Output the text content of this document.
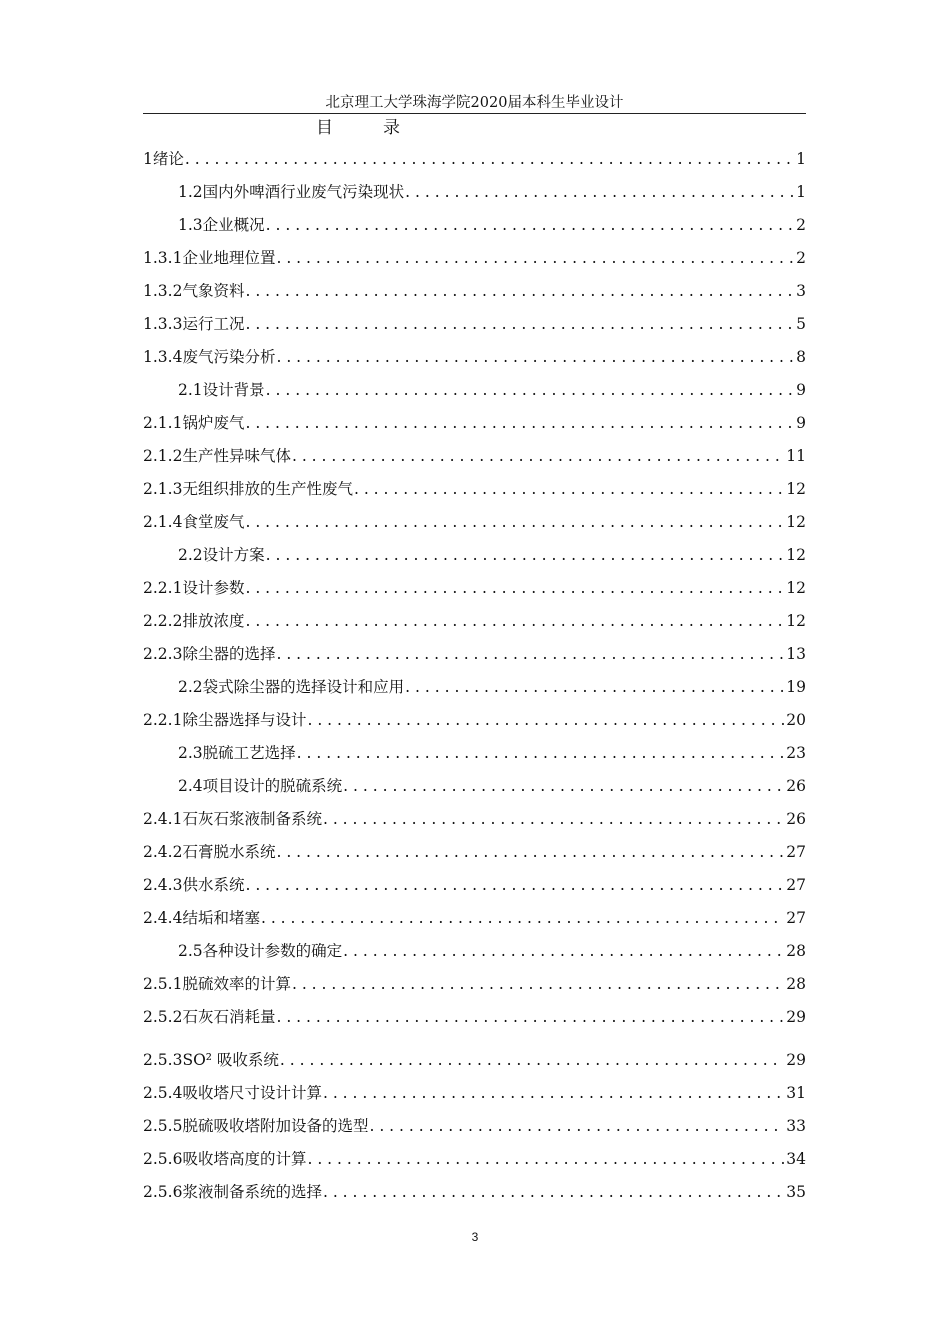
北京理工大学珠海学院2020届本科生毕业设计
目	录
1 绪论 . . .	1
1.2 国内外啤酒行业废气污染现状 . . .	1
1.3 企业概况 . . .	2
1.3.1 企业地理位置 . . .	2
1.3.2 气象资料 . . .	3
1.3.3 运行工况 . . .	5
1.3.4 废气污染分析 . . .	8
2.1 设计背景 . . .	9
2.1.1 锅炉废气 . . .	9
2.1.2 生产性异味气体 . . .	11
2.1.3 无组织排放的生产性废气 . . .	12
2.1.4 食堂废气 . . .	12
2.2 设计方案 . . .	12
2.2.1 设计参数 . . .	12
2.2.2 排放浓度 . . .	12
2.2.3 除尘器的选择 . . .	13
2.2 袋式除尘器的选择设计和应用 . . .	19
2.2.1 除尘器选择与设计 . . .	20
2.3 脱硫工艺选择 . . .	23
2.4 项目设计的脱硫系统 . . .	26
2.4.1 石灰石浆液制备系统 . . .	26
2.4.2 石膏脱水系统 . . .	27
2.4.3 供水系统 . . .	27
2.4.4 结垢和堵塞 . . .	27
2.5 各种设计参数的确定 . . .	28
2.5.1 脱硫效率的计算 . . .	28
2.5.2 石灰石消耗量 . . .	29
2.5.3 SO² 吸收系统 . . .	29
2.5.4 吸收塔尺寸设计计算 . . .	31
2.5.5 脱硫吸收塔附加设备的选型 . . .	33
2.5.6 吸收塔高度的计算 . . .	34
2.5.6 浆液制备系统的选择 . . .	35
3
